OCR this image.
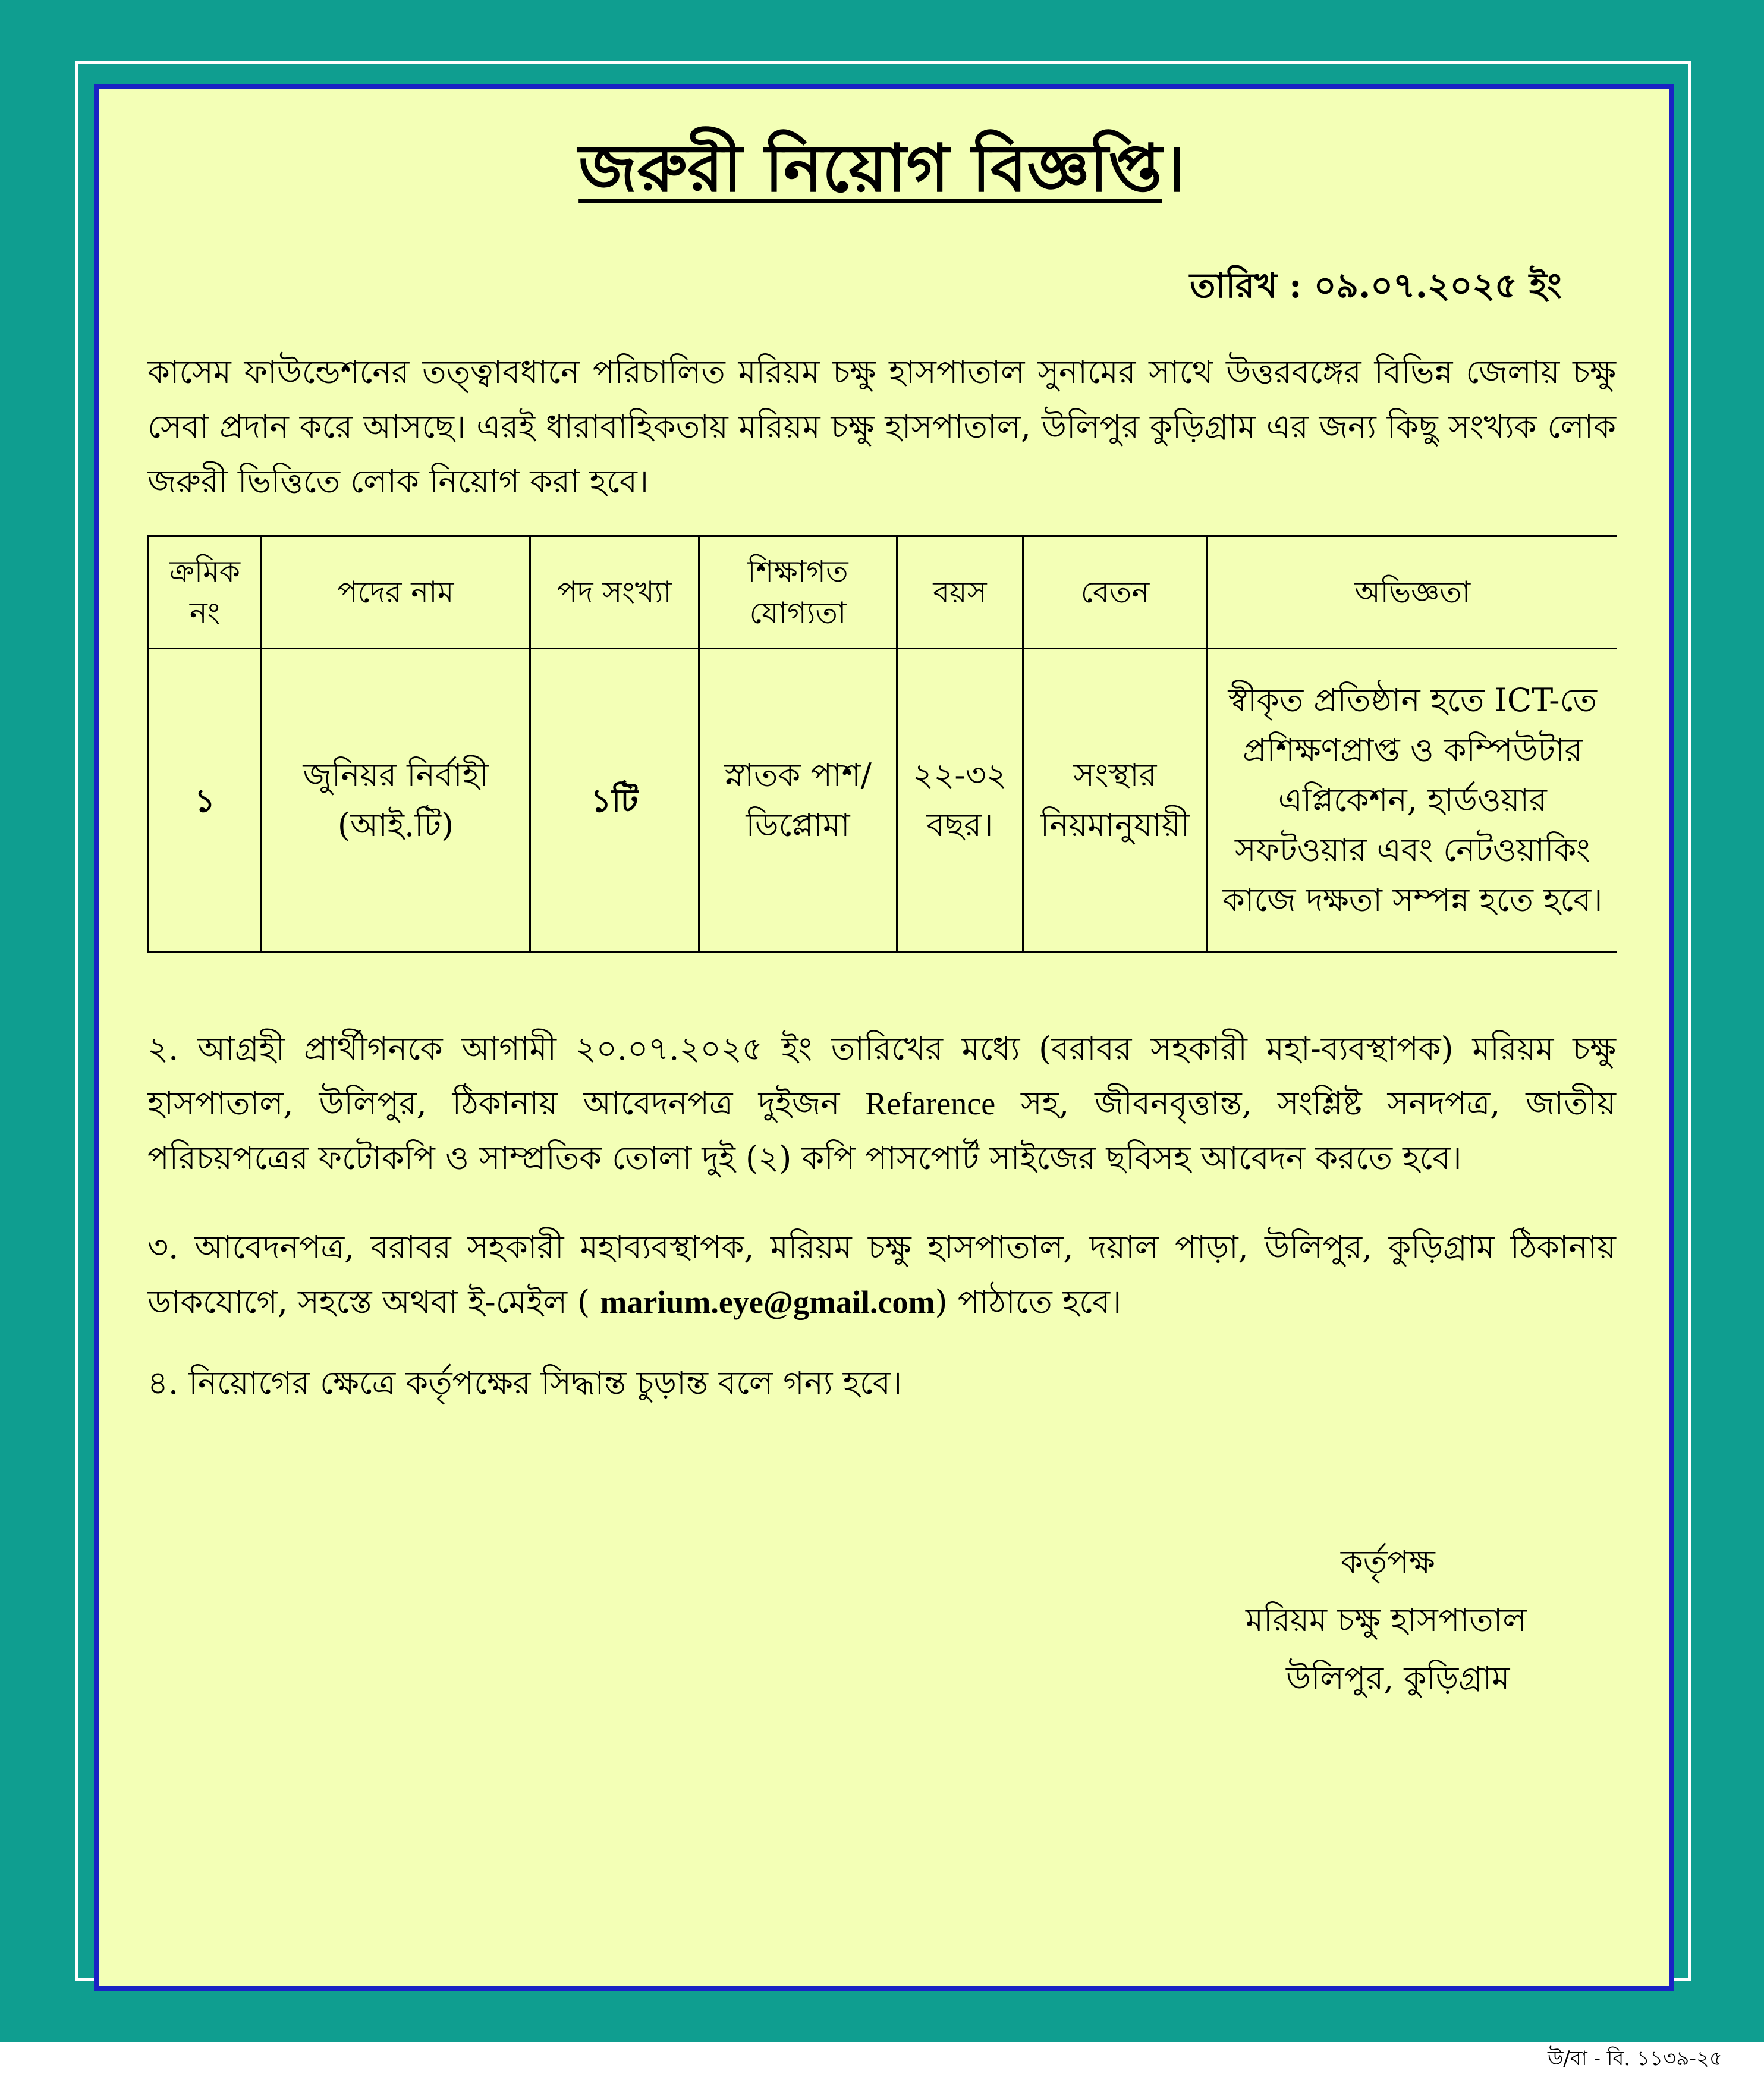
জরুরী নিয়োগ বিজ্ঞপ্তি।
তারিখ : ০৯.০৭.২০২৫ ইং
কাসেম ফাউন্ডেশনের তত্ত্বাবধানে পরিচালিত মরিয়ম চক্ষু হাসপাতাল সুনামের সাথে উত্তরবঙ্গের বিভিন্ন জেলায় চক্ষু সেবা প্রদান করে আসছে। এরই ধারাবাহিকতায় মরিয়ম চক্ষু হাসপাতাল, উলিপুর কুড়িগ্রাম এর জন্য কিছু সংখ্যক লোক জরুরী ভিত্তিতে লোক নিয়োগ করা হবে।
ক্রমিক নং	পদের নাম	পদ সংখ্যা	শিক্ষাগত যোগ্যতা	বয়স	বেতন	অভিজ্ঞতা
১	জুনিয়র নির্বাহী (আই.টি)	১টি	স্নাতক পাশ/ ডিপ্লোমা	২২-৩২ বছর।	সংস্থার নিয়মানুযায়ী	স্বীকৃত প্রতিষ্ঠান হতে ICT-তে প্রশিক্ষণপ্রাপ্ত ও কম্পিউটার এপ্লিকেশন, হার্ডওয়ার সফটওয়ার এবং নেটওয়াকিং কাজে দক্ষতা সম্পন্ন হতে হবে।
২. আগ্রহী প্রার্থীগনকে আগামী ২০.০৭.২০২৫ ইং তারিখের মধ্যে (বরাবর সহকারী মহা-ব্যবস্থাপক) মরিয়ম চক্ষু হাসপাতাল, উলিপুর, ঠিকানায় আবেদনপত্র দুইজন Refarence সহ, জীবনবৃত্তান্ত, সংশ্লিষ্ট সনদপত্র, জাতীয় পরিচয়পত্রের ফটোকপি ও সাম্প্রতিক তোলা দুই (২) কপি পাসপোর্ট সাইজের ছবিসহ আবেদন করতে হবে।
৩. আবেদনপত্র, বরাবর সহকারী মহাব্যবস্থাপক, মরিয়ম চক্ষু হাসপাতাল, দয়াল পাড়া, উলিপুর, কুড়িগ্রাম ঠিকানায় ডাকযোগে, সহস্তে অথবা ই-মেইল ( marium.eye@gmail.com) পাঠাতে হবে।
৪. নিয়োগের ক্ষেত্রে কর্তৃপক্ষের সিদ্ধান্ত চুড়ান্ত বলে গন্য হবে।
কর্তৃপক্ষ
মরিয়ম চক্ষু হাসপাতাল
উলিপুর, কুড়িগ্রাম
উ/বা - বি. ১১৩৯-২৫
